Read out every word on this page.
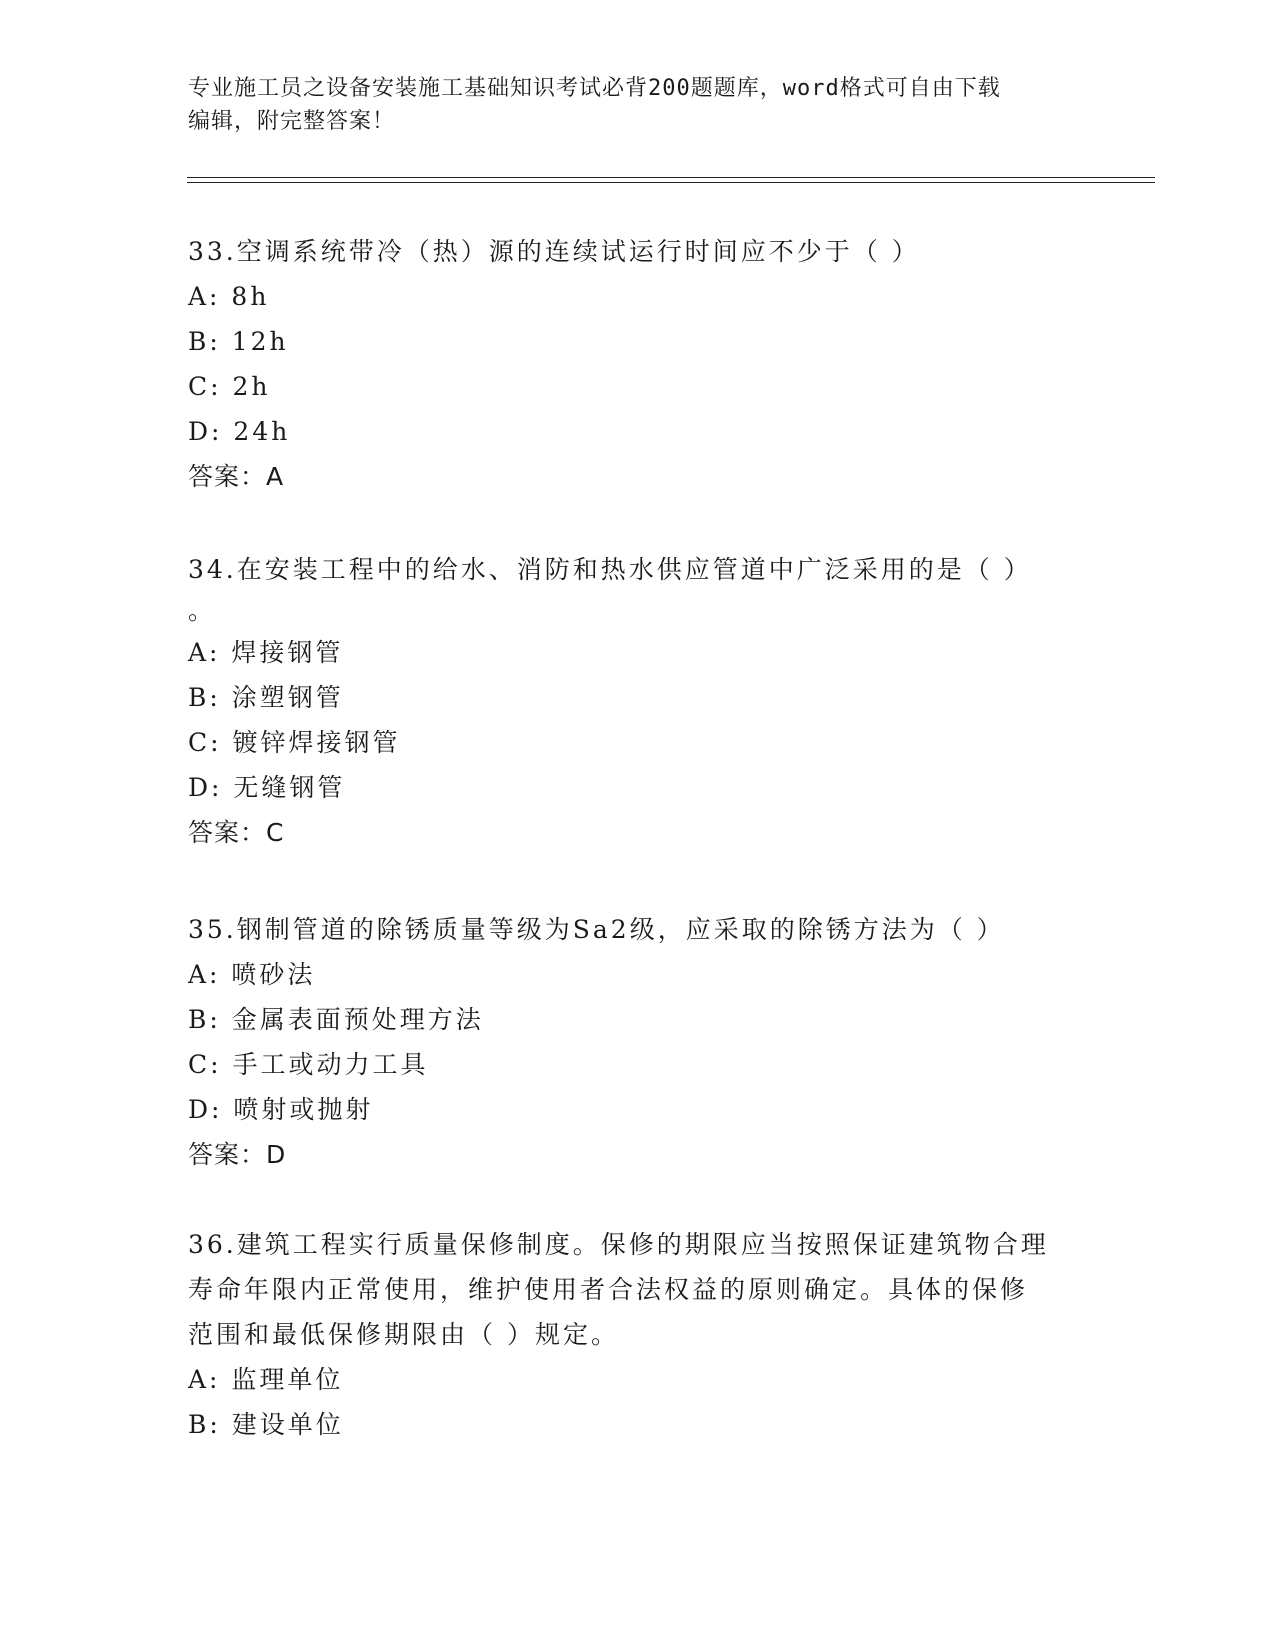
专业施工员之设备安装施工基础知识考试必背200题题库，word格式可自由下载
编辑，附完整答案！
33.空调系统带冷（热）源的连续试运行时间应不少于（ ）
A: 8h
B: 12h
C: 2h
D: 24h
答案：A
34.在安装工程中的给水、消防和热水供应管道中广泛采用的是（ ）
。
A: 焊接钢管
B: 涂塑钢管
C: 镀锌焊接钢管
D: 无缝钢管
答案：C
35.钢制管道的除锈质量等级为Sa2级，应采取的除锈方法为（ ）
A: 喷砂法
B: 金属表面预处理方法
C: 手工或动力工具
D: 喷射或抛射
答案：D
36.建筑工程实行质量保修制度。保修的期限应当按照保证建筑物合理
寿命年限内正常使用，维护使用者合法权益的原则确定。具体的保修
范围和最低保修期限由（ ）规定。
A: 监理单位
B: 建设单位
